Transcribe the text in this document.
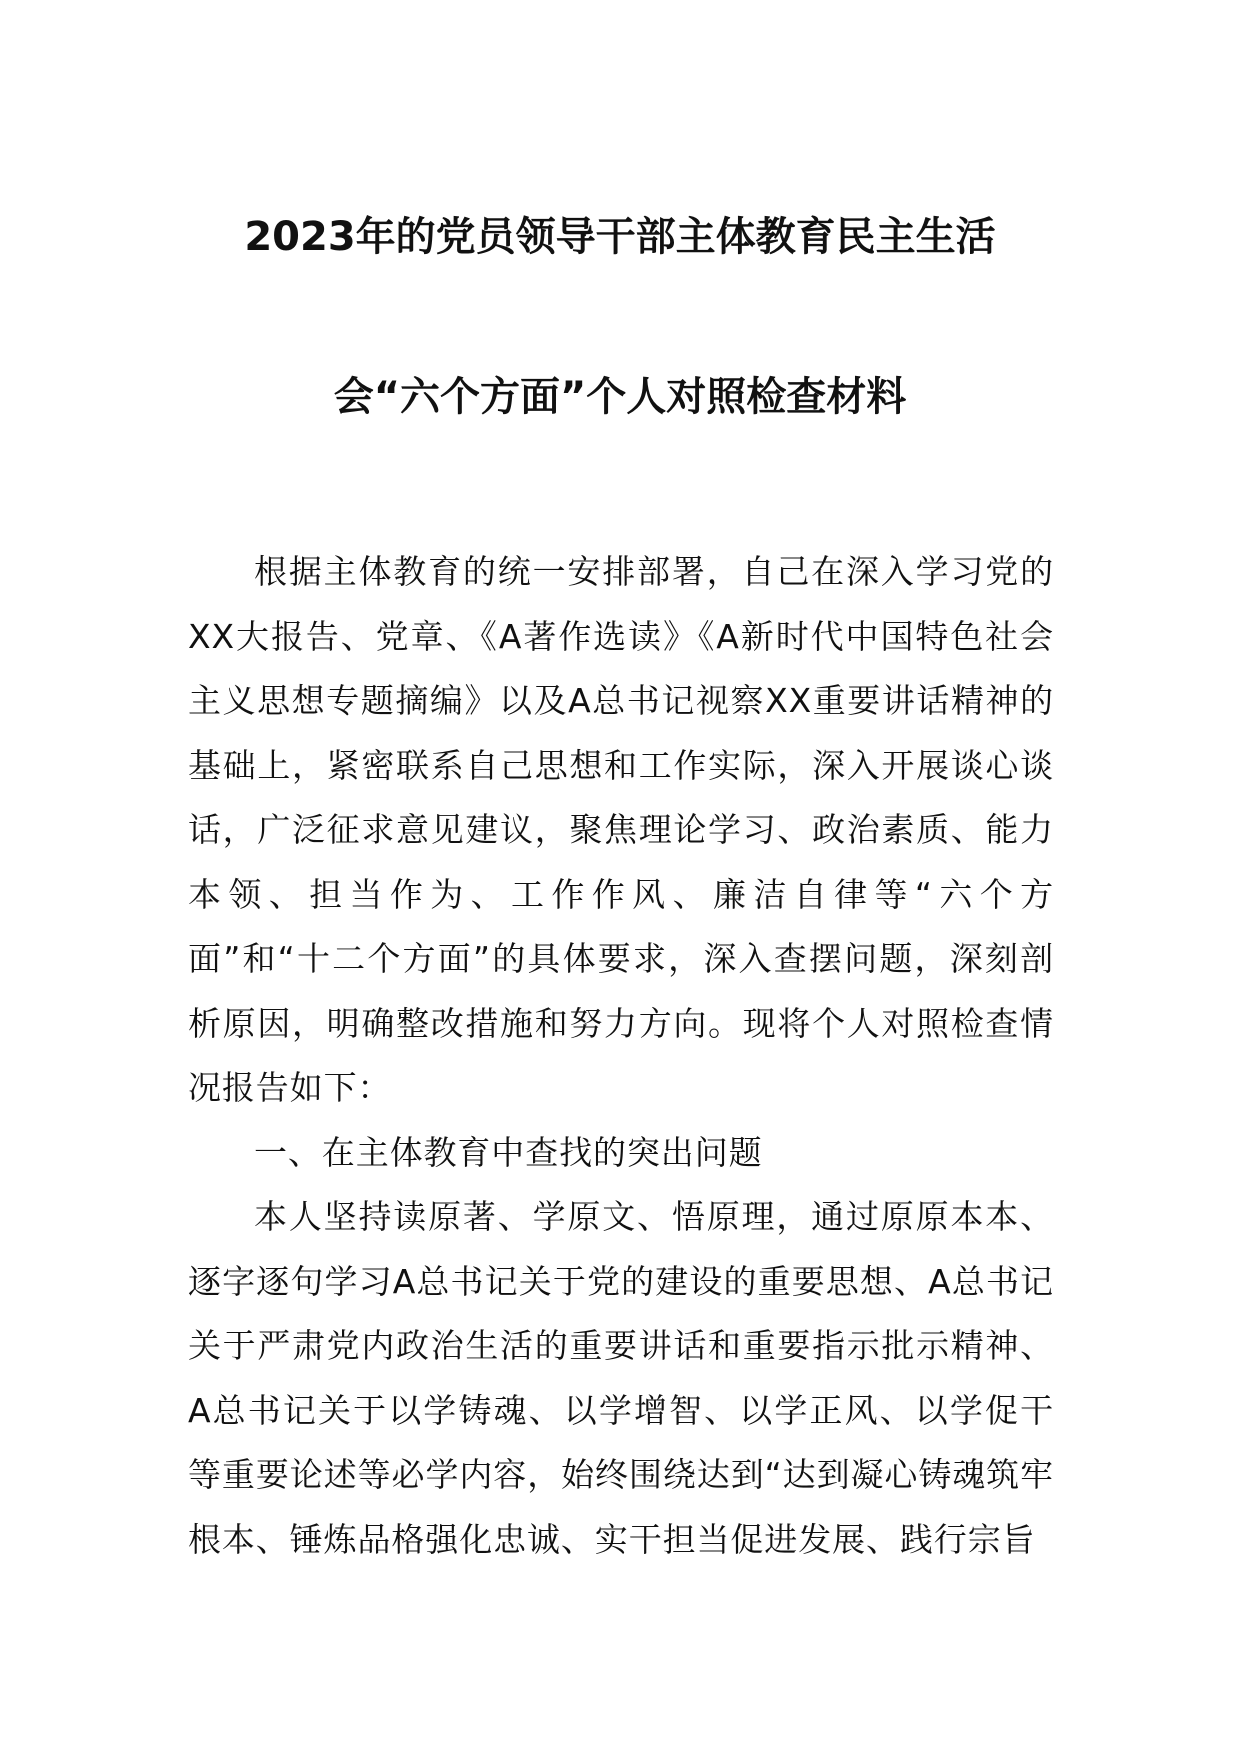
2023年的党员领导干部主体教育民主生活
会“六个方面”个人对照检查材料

根据主体教育的统一安排部署，自己在深入学习党的XX大报告、党章、《A著作选读》《A新时代中国特色社会主义思想专题摘编》以及A总书记视察XX重要讲话精神的基础上，紧密联系自己思想和工作实际，深入开展谈心谈话，广泛征求意见建议，聚焦理论学习、政治素质、能力本领、担当作为、工作作风、廉洁自律等“六个方面”和“十二个方面”的具体要求，深入查摆问题，深刻剖析原因，明确整改措施和努力方向。现将个人对照检查情况报告如下：

一、在主体教育中查找的突出问题

本人坚持读原著、学原文、悟原理，通过原原本本、逐字逐句学习A总书记关于党的建设的重要思想、A总书记关于严肃党内政治生活的重要讲话和重要指示批示精神、A总书记关于以学铸魂、以学增智、以学正风、以学促干等重要论述等必学内容，始终围绕达到“达到凝心铸魂筑牢根本、锤炼品格强化忠诚、实干担当促进发展、践行宗旨
